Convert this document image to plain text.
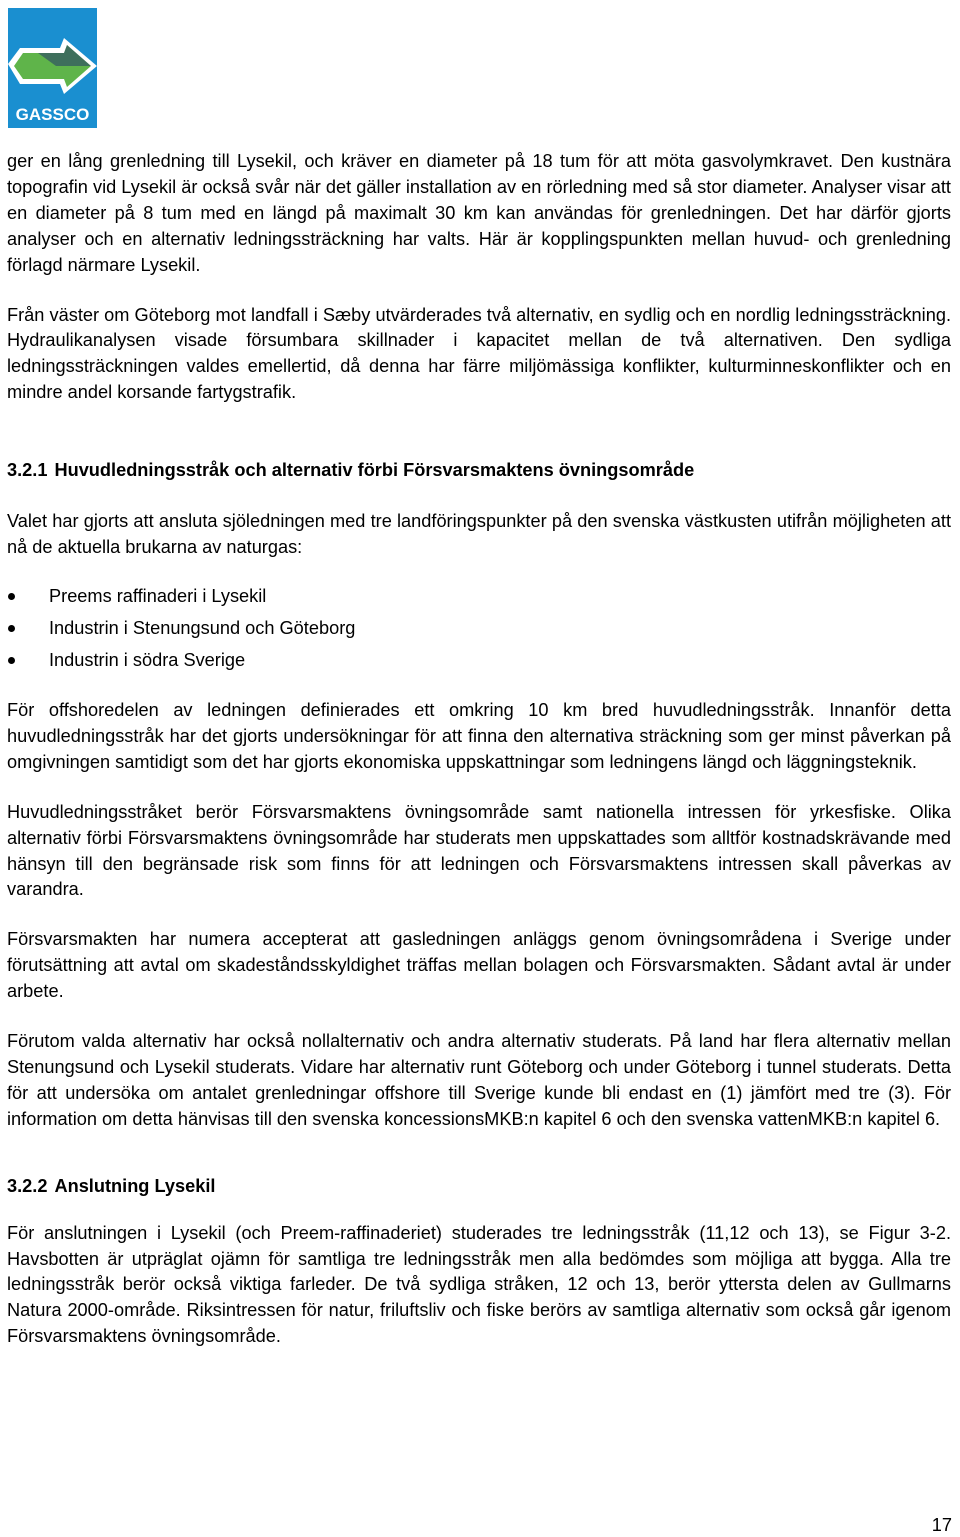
GASSCO

ger en lång grenledning till Lysekil, och kräver en diameter på 18 tum för att möta gasvolymkravet. Den kustnära topografin vid Lysekil är också svår när det gäller installation av en rörledning med så stor diameter. Analyser visar att en diameter på 8 tum med en längd på maximalt 30 km kan användas för grenledningen. Det har därför gjorts analyser och en alternativ ledningssträckning har valts. Här är kopplingspunkten mellan huvud- och grenledning förlagd närmare Lysekil.

Från väster om Göteborg mot landfall i Sæby utvärderades två alternativ, en sydlig och en nordlig ledningssträckning. Hydraulikanalysen visade försumbara skillnader i kapacitet mellan de två alternativen. Den sydliga ledningssträckningen valdes emellertid, då denna har färre miljömässiga konflikter, kulturminneskonflikter och en mindre andel korsande fartygstrafik.

3.2.1 Huvudledningsstråk och alternativ förbi Försvarsmaktens övningsområde

Valet har gjorts att ansluta sjöledningen med tre landföringspunkter på den svenska västkusten utifrån möjligheten att nå de aktuella brukarna av naturgas:

Preems raffinaderi i Lysekil
Industrin i Stenungsund och Göteborg
Industrin i södra Sverige

För offshoredelen av ledningen definierades ett omkring 10 km bred huvudledningsstråk. Innanför detta huvudledningsstråk har det gjorts undersökningar för att finna den alternativa sträckning som ger minst påverkan på omgivningen samtidigt som det har gjorts ekonomiska uppskattningar som ledningens längd och läggningsteknik.

Huvudledningsstråket berör Försvarsmaktens övningsområde samt nationella intressen för yrkesfiske. Olika alternativ förbi Försvarsmaktens övningsområde har studerats men uppskattades som alltför kostnadskrävande med hänsyn till den begränsade risk som finns för att ledningen och Försvarsmaktens intressen skall påverkas av varandra.

Försvarsmakten har numera accepterat att gasledningen anläggs genom övningsområdena i Sverige under förutsättning att avtal om skadeståndsskyldighet träffas mellan bolagen och Försvarsmakten. Sådant avtal är under arbete.

Förutom valda alternativ har också nollalternativ och andra alternativ studerats. På land har flera alternativ mellan Stenungsund och Lysekil studerats. Vidare har alternativ runt Göteborg och under Göteborg i tunnel studerats. Detta för att undersöka om antalet grenledningar offshore till Sverige kunde bli endast en (1) jämfört med tre (3). För information om detta hänvisas till den svenska koncessionsMKB:n kapitel 6 och den svenska vattenMKB:n kapitel 6.

3.2.2 Anslutning Lysekil

För anslutningen i Lysekil (och Preem-raffinaderiet) studerades tre ledningsstråk (11,12 och 13), se Figur 3-2. Havsbotten är utpräglat ojämn för samtliga tre ledningsstråk men alla bedömdes som möjliga att bygga. Alla tre ledningsstråk berör också viktiga farleder. De två sydliga stråken, 12 och 13, berör yttersta delen av Gullmarns Natura 2000-område. Riksintressen för natur, friluftsliv och fiske berörs av samtliga alternativ som också går igenom Försvarsmaktens övningsområde.

17
